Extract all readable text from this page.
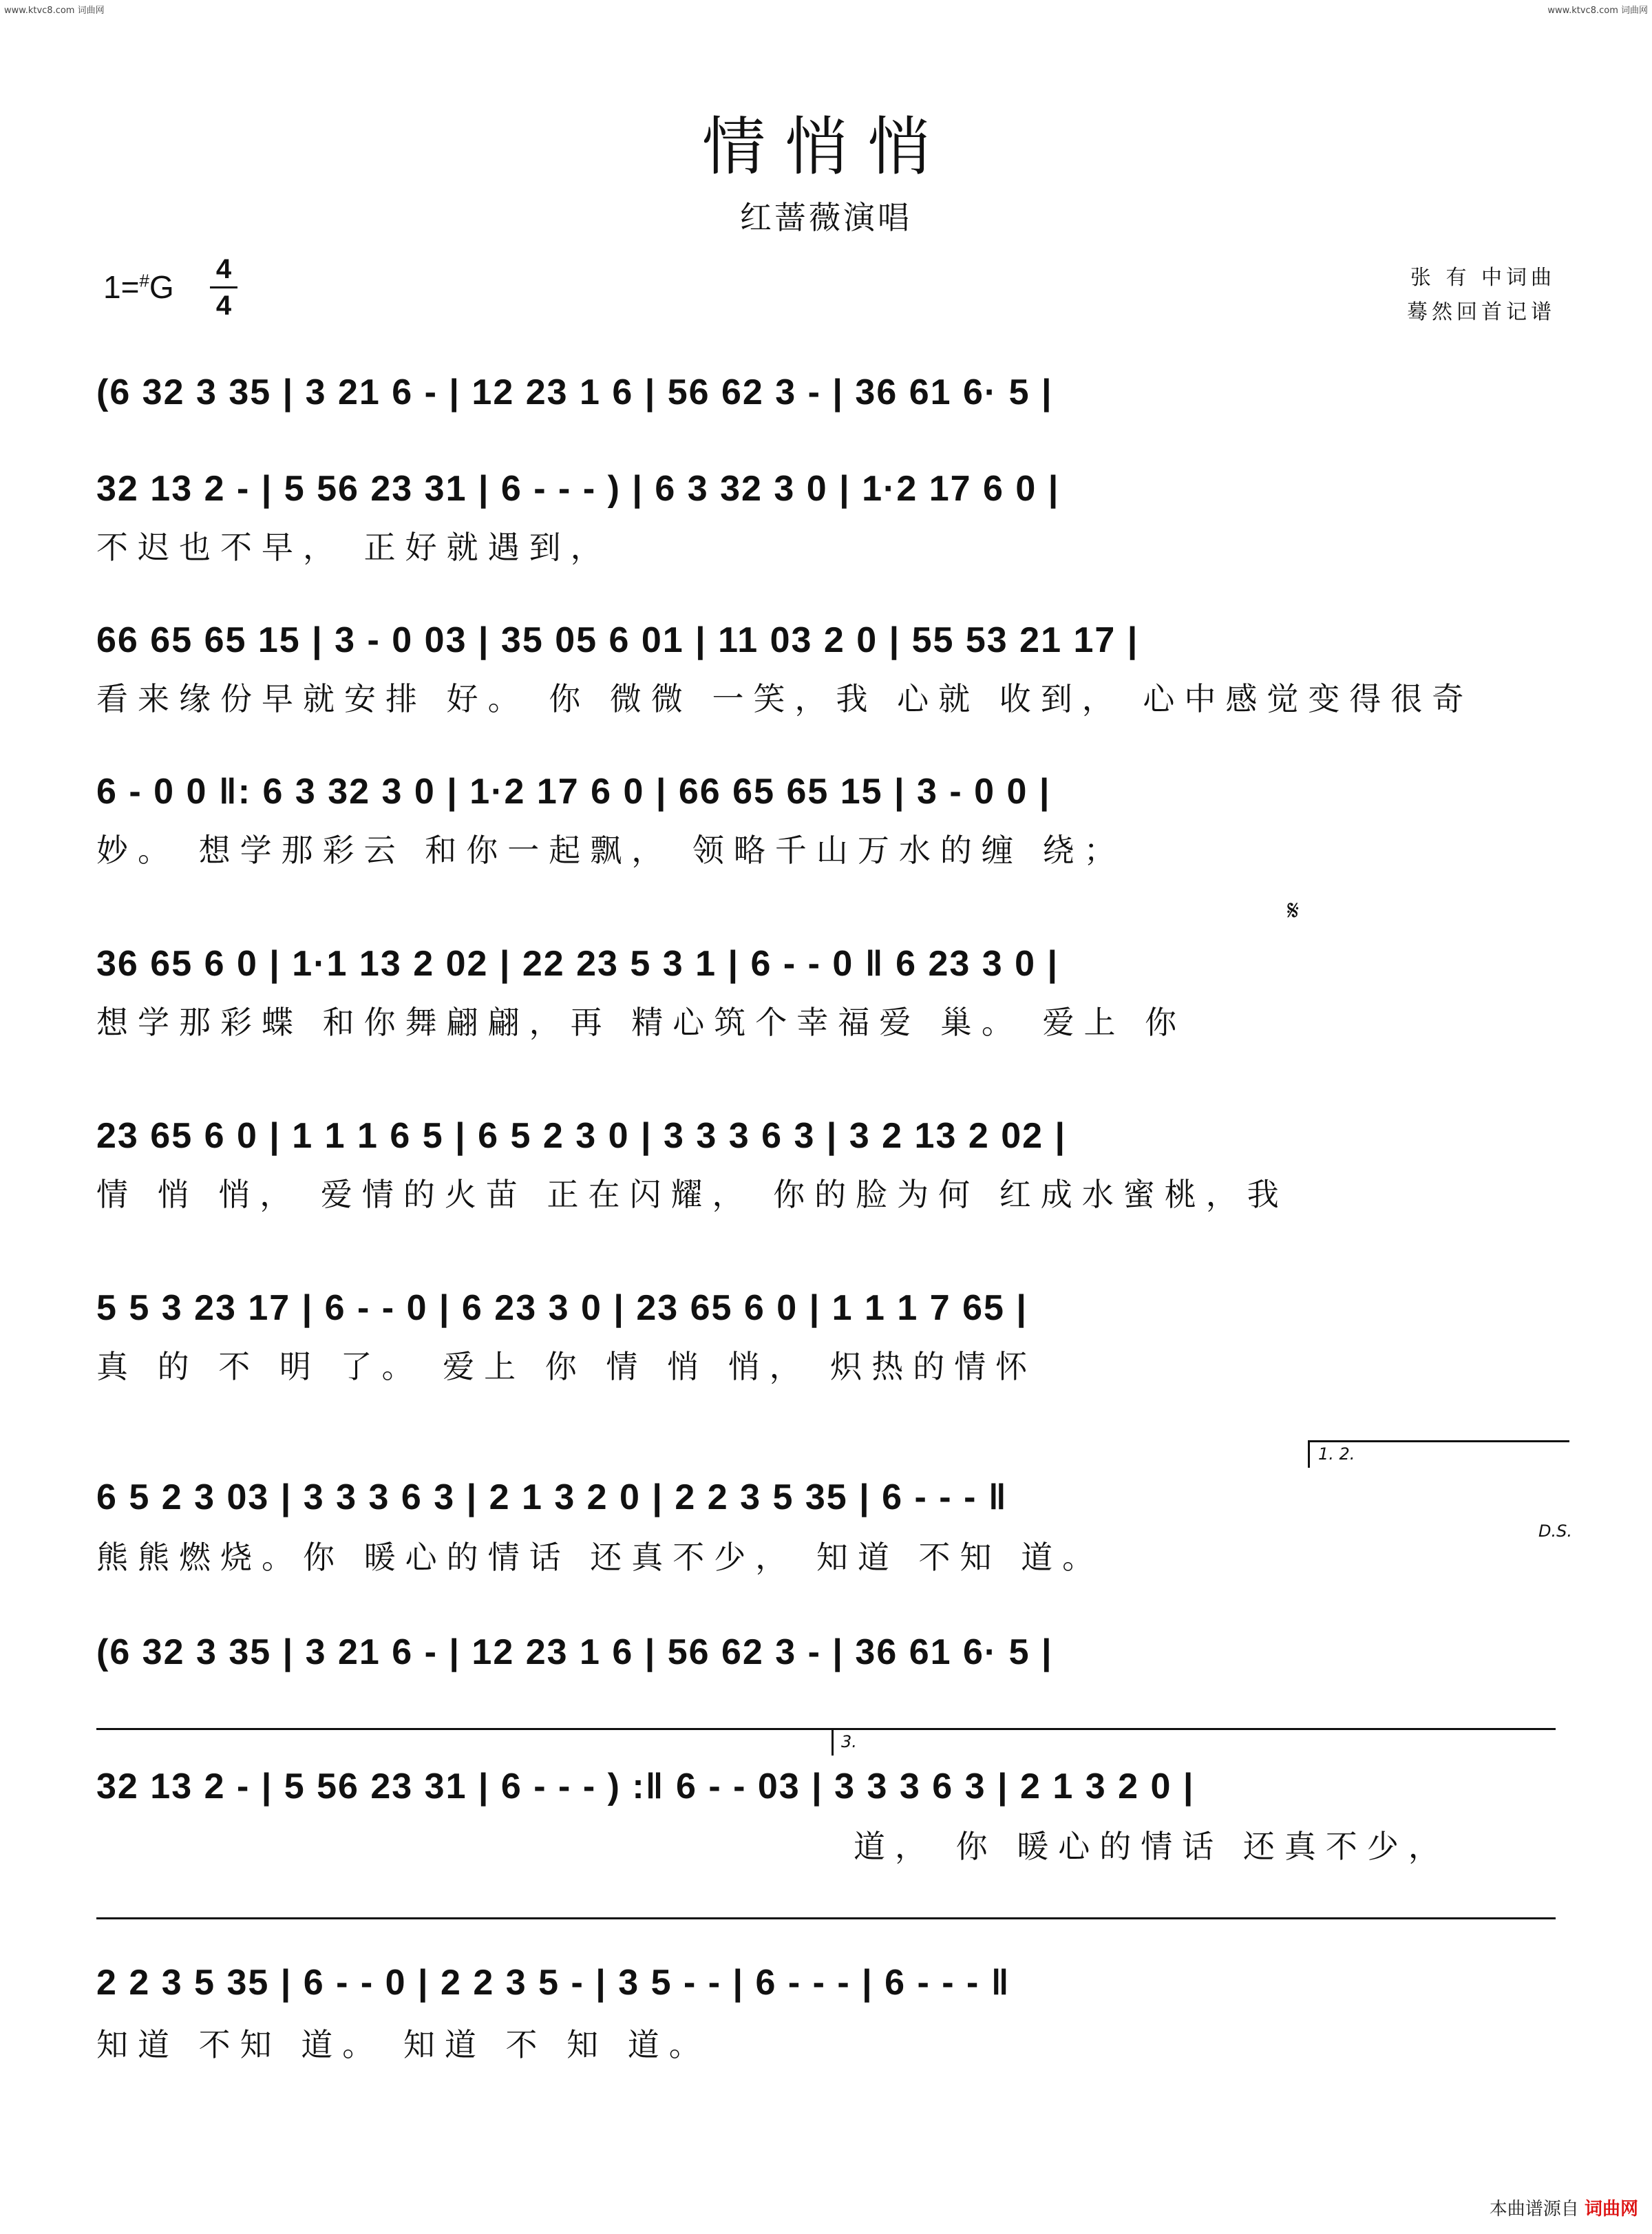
www.ktvc8.com 词曲网	www.ktvc8.com 词曲网
情悄悄
红蔷薇演唱
1=#G 4
4
张 有 中词曲
蓦然回首记谱
(6 32 3 35 | 3 21 6 - | 12 23 1 6 | 56 62 3 - | 36 61 6· 5 |
32 13 2 - | 5 56 23 31 | 6 - - - ) | 6 3 32 3 0 | 1·2 17 6 0 |
不迟也不早， 正好就遇到，
66 65 65 15 | 3 - 0 03 | 35 05 6 01 | 11 03 2 0 | 55 53 21 17 |
看来缘份早就安排 好。 你 微微 一笑，我 心就 收到， 心中感觉变得很奇
6 - 0 0 ‖: 6 3 32 3 0 | 1·2 17 6 0 | 66 65 65 15 | 3 - 0 0 |
妙。 想学那彩云 和你一起飘， 领略千山万水的缠 绕；
𝄋
36 65 6 0 | 1·1 13 2 02 | 22 23 5 3 1 | 6 - - 0 ‖ 6 23 3 0 |
想学那彩蝶 和你舞翩翩，再 精心筑个幸福爱 巢。 爱上 你
23 65 6 0 | 1 1 1 6 5 | 6 5 2 3 0 | 3 3 3 6 3 | 3 2 13 2 02 |
情 悄 悄， 爱情的火苗 正在闪耀， 你的脸为何 红成水蜜桃，我
5 5 3 23 17 | 6 - - 0 | 6 23 3 0 | 23 65 6 0 | 1 1 1 7 65 |
真 的 不 明 了。 爱上 你 情 悄 悄， 炽热的情怀
1. 2.
6 5 2 3 03 | 3 3 3 6 3 | 2 1 3 2 0 | 2 2 3 5 35 | 6 - - - ‖
D.S.
熊熊燃烧。你 暖心的情话 还真不少， 知道 不知 道。
(6 32 3 35 | 3 21 6 - | 12 23 1 6 | 56 62 3 - | 36 61 6· 5 |
3.
32 13 2 - | 5 56 23 31 | 6 - - - ) :‖ 6 - - 03 | 3 3 3 6 3 | 2 1 3 2 0 |
道， 你 暖心的情话 还真不少，
2 2 3 5 35 | 6 - - 0 | 2 2 3 5 - | 3 5 - - | 6 - - - | 6 - - - ‖
知道 不知 道。 知道 不 知 道。
本曲谱源自 词曲网
